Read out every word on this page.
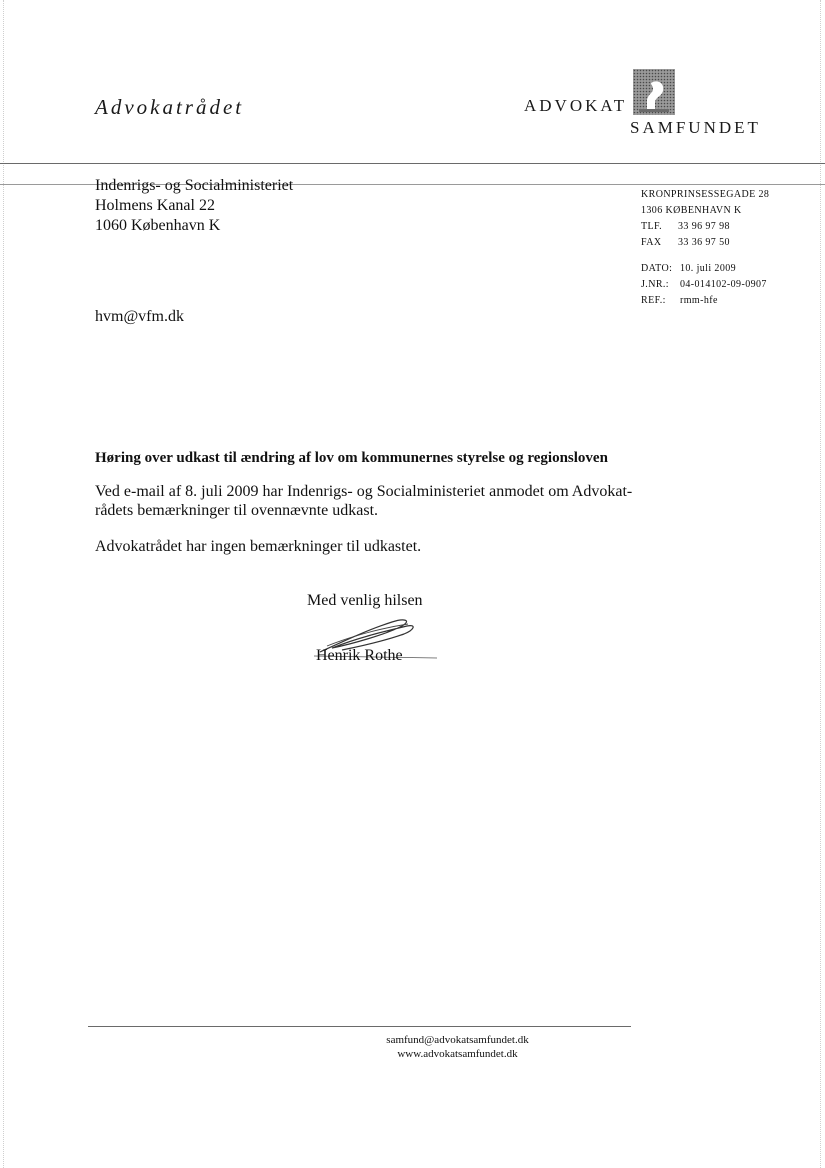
Advokatrådet	ADVOKAT
SAMFUNDET
Indenrigs- og Socialministeriet
Holmens Kanal 22
1060 København K
KRONPRINSESSEGADE 28
1306 KØBENHAVN K
TLF. 33 96 97 98
FAX 33 36 97 50
DATO: 10. juli 2009
J.NR.: 04-014102-09-0907
REF.: rmm-hfe
hvm@vfm.dk
Høring over udkast til ændring af lov om kommunernes styrelse og regionsloven

Ved e-mail af 8. juli 2009 har Indenrigs- og Socialministeriet anmodet om Advokat-
rådets bemærkninger til ovennævnte udkast.

Advokatrådet har ingen bemærkninger til udkastet.

Med venlig hilsen
Henrik Rothe
samfund@advokatsamfundet.dk
www.advokatsamfundet.dk
